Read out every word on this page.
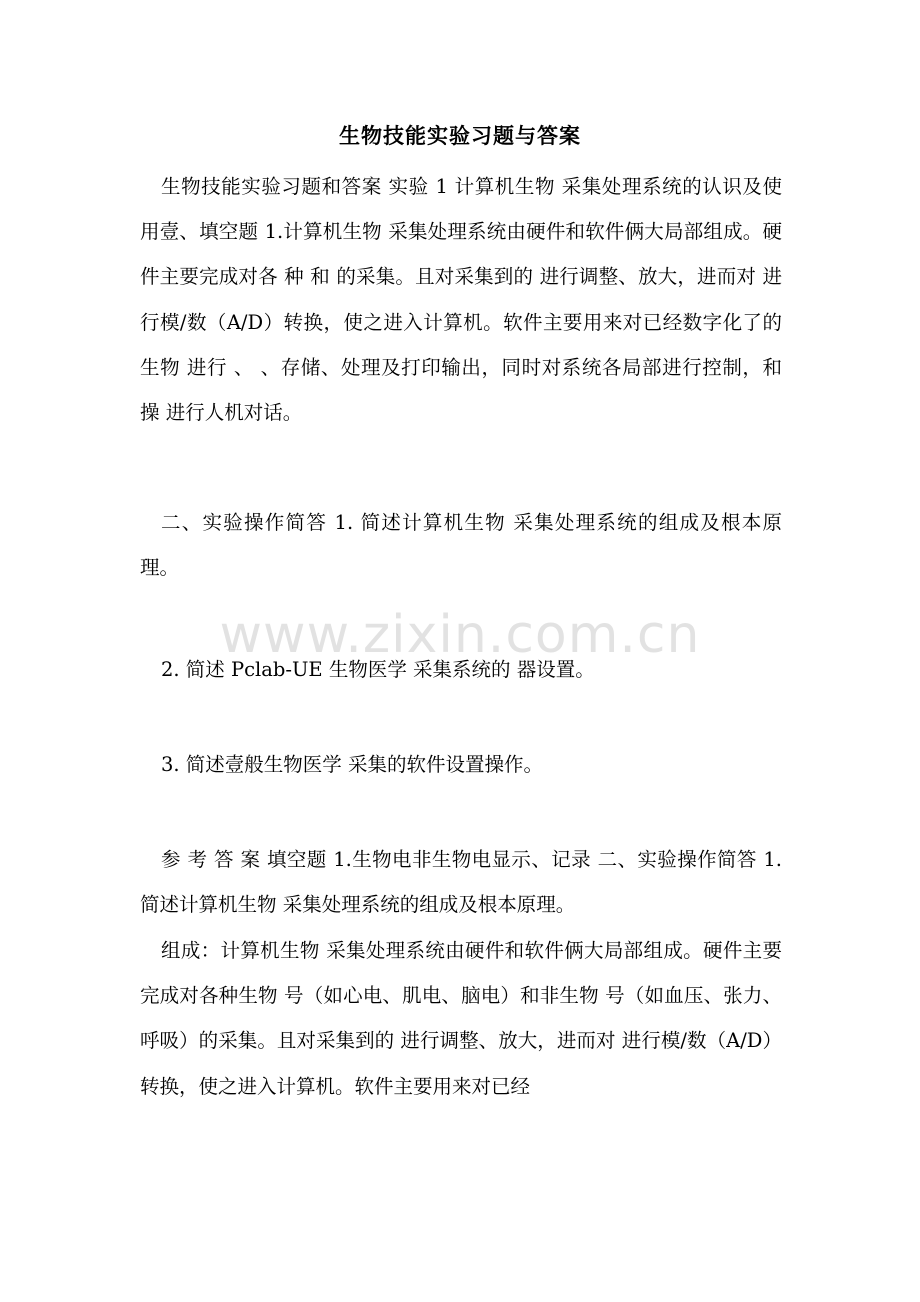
生物技能实验习题与答案

生物技能实验习题和答案 实验 1 计算机生物 采集处理系统的认识及使用壹、填空题 1.计算机生物 采集处理系统由硬件和软件俩大局部组成。硬件主要完成对各 种 和 的采集。且对采集到的 进行调整、放大，进而对 进行模/数（A/D）转换，使之进入计算机。软件主要用来对已经数字化了的生物 进行 、 、存储、处理及打印输出，同时对系统各局部进行控制，和操 进行人机对话。

二、实验操作简答 1. 简述计算机生物 采集处理系统的组成及根本原理。

2. 简述 Pclab-UE 生物医学 采集系统的 器设置。

3. 简述壹般生物医学 采集的软件设置操作。

参 考 答 案 填空题 1.生物电非生物电显示、记录 二、实验操作简答 1.简述计算机生物 采集处理系统的组成及根本原理。

组成：计算机生物 采集处理系统由硬件和软件俩大局部组成。硬件主要完成对各种生物 号（如心电、肌电、脑电）和非生物 号（如血压、张力、呼吸）的采集。且对采集到的 进行调整、放大，进而对 进行模/数（A/D）转换，使之进入计算机。软件主要用来对已经

www.zixin.com.cn
